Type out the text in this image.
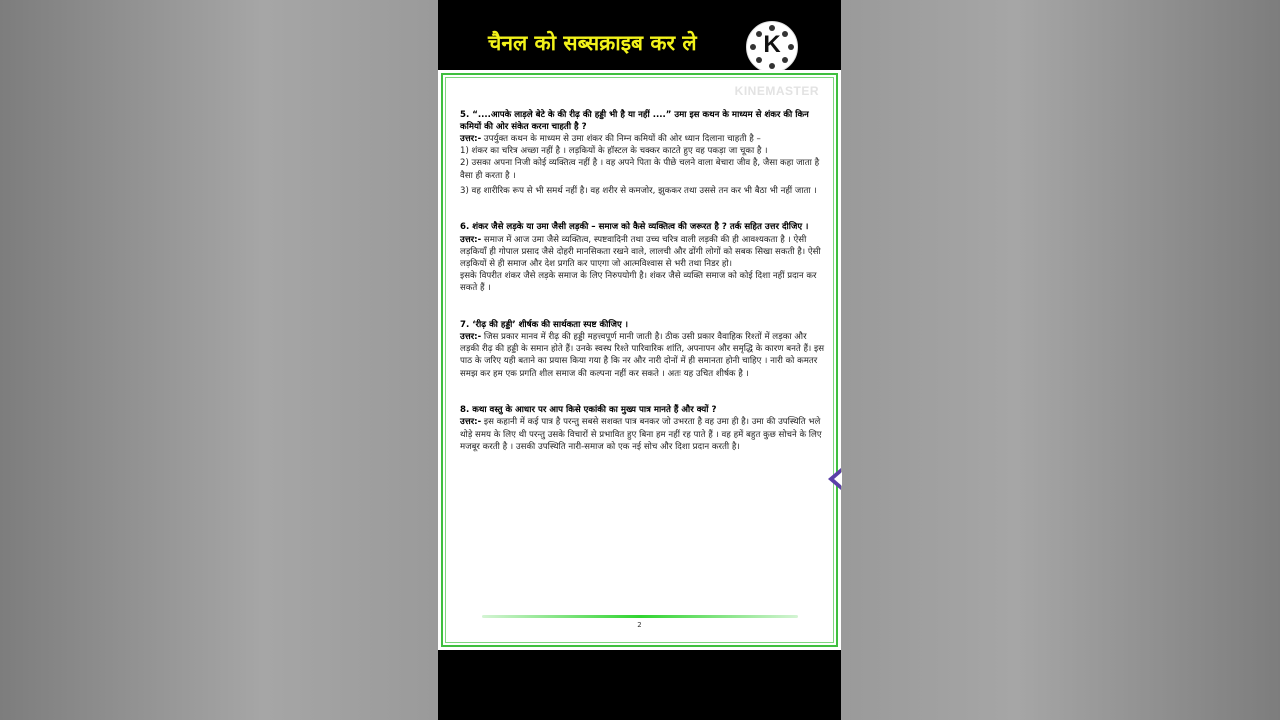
चैनल को सब्सक्राइब कर ले	K
KINEMASTER

5. “....आपके लाड़ले बेटे के की रीढ़ की हड्डी भी है या नहीं ....” उमा इस कथन के माध्यम से शंकर की किन कमियों की ओर संकेत करना चाहती है ?

उत्तर:- उपर्युक्त कथन के माध्यम से उमा शंकर की निम्न कमियों की ओर ध्यान दिलाना चाहती है –

1) शंकर का चरित्र अच्छा नहीं है । लड़कियों के हॉस्टल के चक्कर काटते हुए वह पकड़ा जा चूका है ।

2) उसका अपना निजी कोई व्यक्तित्व नहीं है । वह अपने पिता के पीछे चलने वाला बेचारा जीव है, जैसा कहा जाता है वैसा ही करता है ।

3) वह शारीरिक रूप से भी समर्थ नहीं है। वह शरीर से कमजोर, झुककर तथा उससे तन कर भी बैठा भी नहीं जाता ।

6. शंकर जैसे लड़के या उमा जैसी लड़की – समाज को कैसे व्यक्तित्व की जरूरत है ? तर्क सहित उत्तर दीजिए ।

उत्तर:- समाज में आज उमा जैसे व्यक्तित्व, स्पष्टवादिनी तथा उच्च चरित्र वाली लड़की की ही आवश्यकता है । ऐसी लड़कियाँ ही गोपाल प्रसाद जैसे दोहरी मानसिकता रखने वाले, लालची और ढोंगी लोगों को सबक सिखा सकती है। ऐसी लड़कियों से ही समाज और देश प्रगति कर पाएगा जो आत्मविश्वास से भरी तथा निडर हो।

इसके विपरीत शंकर जैसे लड़के समाज के लिए निरुपयोगी है। शंकर जैसे व्यक्ति समाज को कोई दिशा नहीं प्रदान कर सकते हैं ।

7. ‘रीढ़ की हड्डी’ शीर्षक की सार्थकता स्पष्ट कीजिए ।

उत्तर:- जिस प्रकार मानव में रीढ़ की हड्डी महत्त्वपूर्ण मानी जाती है। ठीक उसी प्रकार वैवाहिक रिश्तों में लड़का और लड़की रीढ़ की हड्डी के समान होते हैं। उनके स्वस्थ रिश्ते पारिवारिक शांति, अपनापन और समृद्धि के कारण बनते हैं। इस पाठ के जरिए यही बताने का प्रयास किया गया है कि नर और नारी दोनों में ही समानता होनी चाहिए । नारी को कमतर समझ कर हम एक प्रगति शील समाज की कल्पना नहीं कर सकते । अतः यह उचित शीर्षक है ।

8. कथा वस्तु के आधार पर आप किसे एकांकी का मुख्य पात्र मानते हैं और क्यों ?

उत्तर:- इस कहानी में कई पात्र है परन्तु सबसे सशक्त पात्र बनकर जो उभरता है वह उमा ही है। उमा की उपस्थिति भले थोड़े समय के लिए थी परन्तु उसके विचारों से प्रभावित हुए बिना हम नहीं रह पाते हैं । वह हमें बहुत कुछ सोचने के लिए मजबूर करती है । उसकी उपस्थिति नारी-समाज को एक नई सोच और दिशा प्रदान करती है।

2
